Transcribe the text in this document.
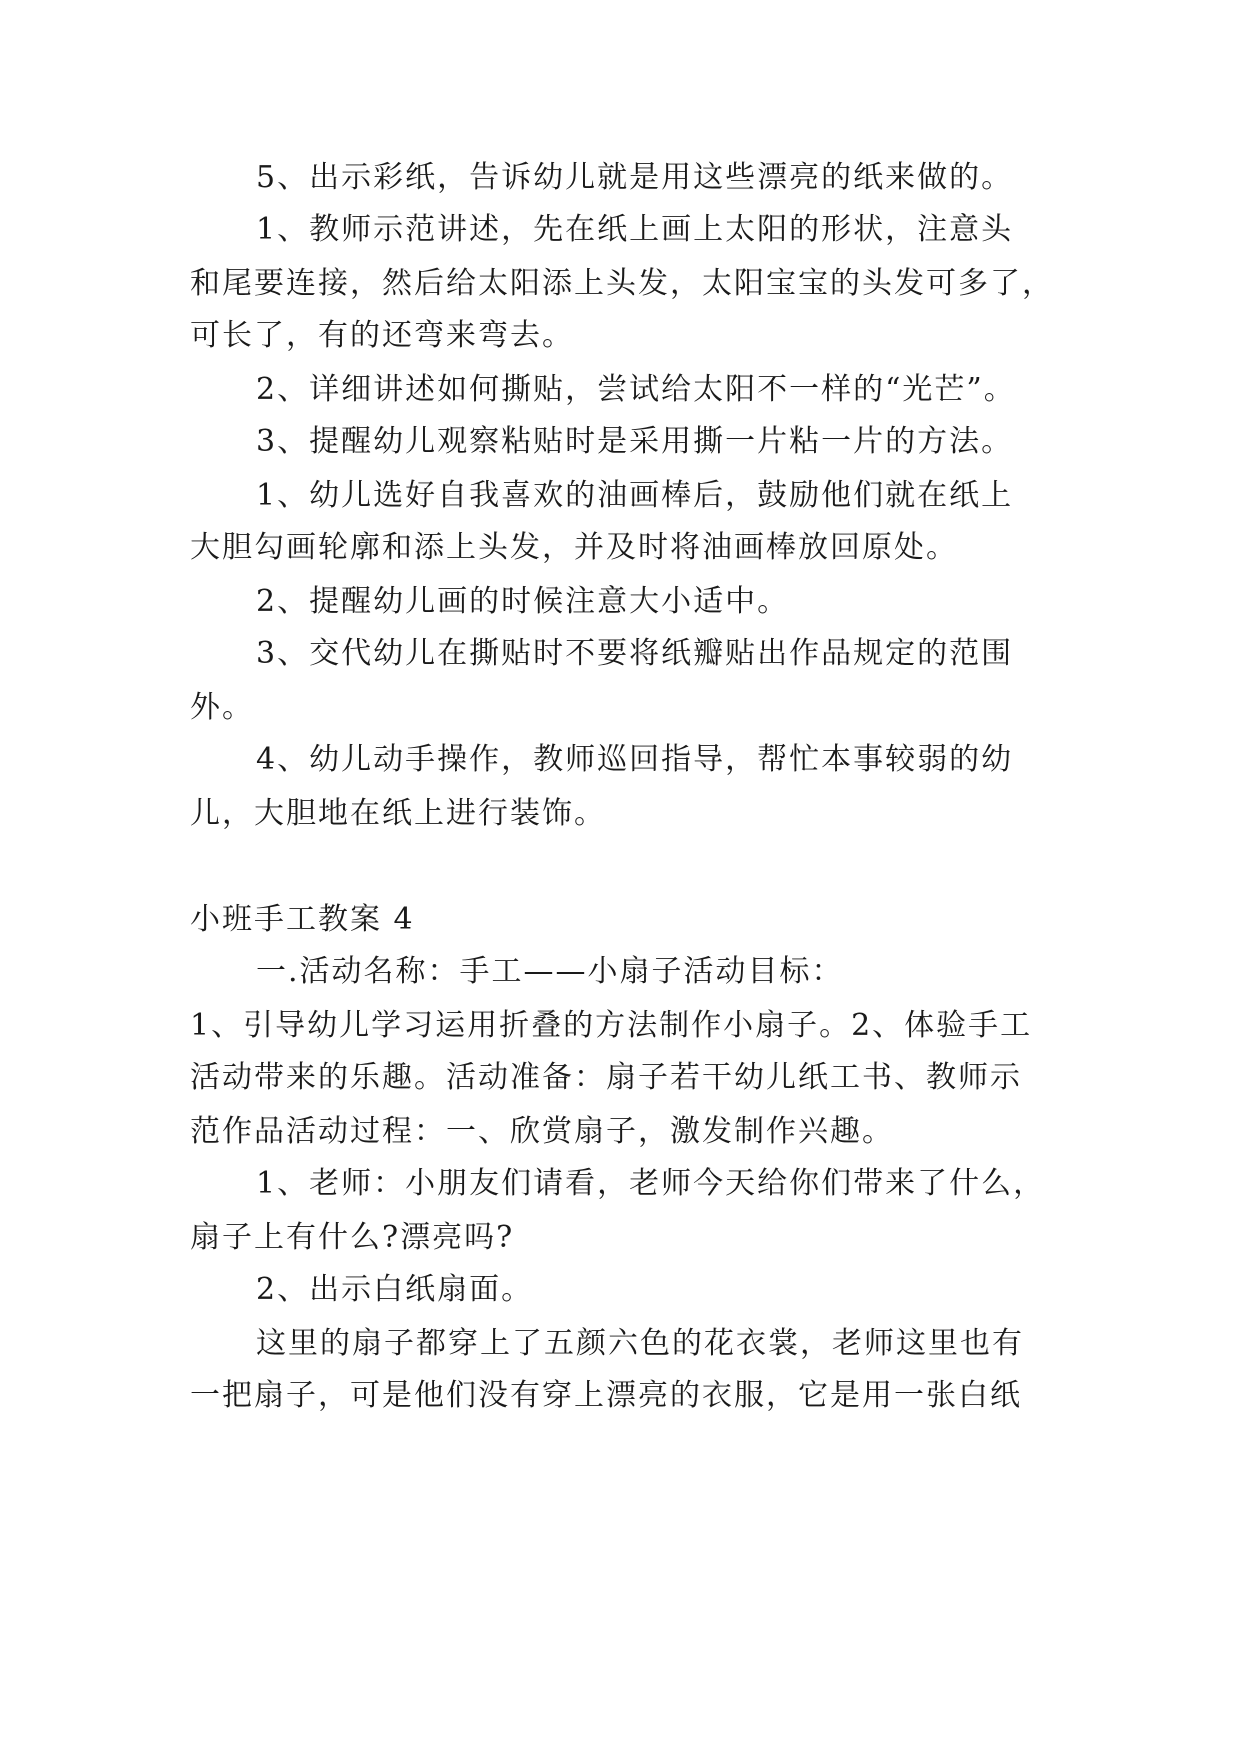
5、出示彩纸，告诉幼儿就是用这些漂亮的纸来做的。
1、教师示范讲述，先在纸上画上太阳的形状，注意头
和尾要连接，然后给太阳添上头发，太阳宝宝的头发可多了，
可长了，有的还弯来弯去。
2、详细讲述如何撕贴，尝试给太阳不一样的“光芒”。
3、提醒幼儿观察粘贴时是采用撕一片粘一片的方法。
1、幼儿选好自我喜欢的油画棒后，鼓励他们就在纸上
大胆勾画轮廓和添上头发，并及时将油画棒放回原处。
2、提醒幼儿画的时候注意大小适中。
3、交代幼儿在撕贴时不要将纸瓣贴出作品规定的范围
外。
4、幼儿动手操作，教师巡回指导，帮忙本事较弱的幼
儿，大胆地在纸上进行装饰。
小班手工教案 4
一.活动名称：手工——小扇子活动目标：
1、引导幼儿学习运用折叠的方法制作小扇子。2、体验手工
活动带来的乐趣。活动准备：扇子若干幼儿纸工书、教师示
范作品活动过程：一、欣赏扇子，激发制作兴趣。
1、老师：小朋友们请看，老师今天给你们带来了什么，
扇子上有什么?漂亮吗?
2、出示白纸扇面。
这里的扇子都穿上了五颜六色的花衣裳，老师这里也有
一把扇子，可是他们没有穿上漂亮的衣服，它是用一张白纸
